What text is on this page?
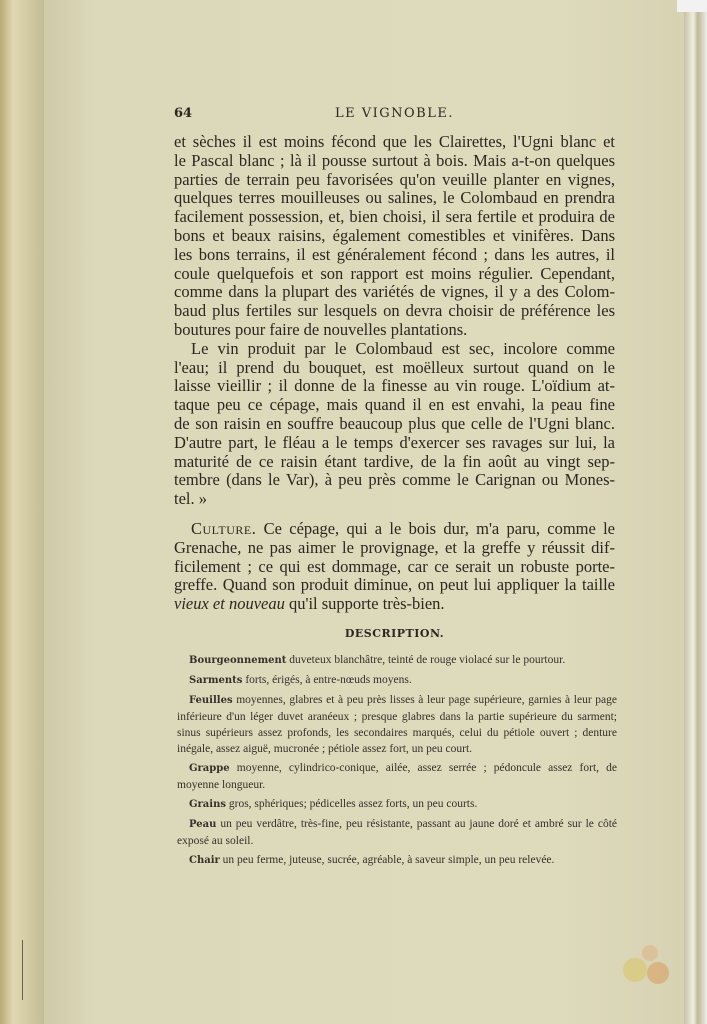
64	LE VIGNOBLE.
et sèches il est moins fécond que les Clairettes, l'Ugni blanc et
le Pascal blanc ; là il pousse surtout à bois. Mais a-t-on quelques
parties de terrain peu favorisées qu'on veuille planter en vignes,
quelques terres mouilleuses ou salines, le Colombaud en prendra
facilement possession, et, bien choisi, il sera fertile et produira de
bons et beaux raisins, également comestibles et vinifères. Dans
les bons terrains, il est généralement fécond ; dans les autres, il
coule quelquefois et son rapport est moins régulier. Cependant,
comme dans la plupart des variétés de vignes, il y a des Colom-
baud plus fertiles sur lesquels on devra choisir de préférence les
boutures pour faire de nouvelles plantations.
Le vin produit par le Colombaud est sec, incolore comme
l'eau; il prend du bouquet, est moëlleux surtout quand on le
laisse vieillir ; il donne de la finesse au vin rouge. L'oïdium at-
taque peu ce cépage, mais quand il en est envahi, la peau fine
de son raisin en souffre beaucoup plus que celle de l'Ugni blanc.
D'autre part, le fléau a le temps d'exercer ses ravages sur lui, la
maturité de ce raisin étant tardive, de la fin août au vingt sep-
tembre (dans le Var), à peu près comme le Carignan ou Mones-
tel. »
Culture. Ce cépage, qui a le bois dur, m'a paru, comme le
Grenache, ne pas aimer le provignage, et la greffe y réussit dif-
ficilement ; ce qui est dommage, car ce serait un robuste porte-
greffe. Quand son produit diminue, on peut lui appliquer la taille
vieux et nouveau qu'il supporte très-bien.
DESCRIPTION.
Bourgeonnement duveteux blanchâtre, teinté de rouge violacé sur le pourtour.
Sarments forts, érigés, à entre-nœuds moyens.
Feuilles moyennes, glabres et à peu près lisses à leur page supérieure, garnies à leur page inférieure d'un léger duvet aranéeux ; presque glabres dans la partie supérieure du sarment; sinus supérieurs assez profonds, les secondaires marqués, celui du pétiole ouvert ; denture inégale, assez aiguë, mucronée ; pétiole assez fort, un peu court.
Grappe moyenne, cylindrico-conique, ailée, assez serrée ; pédoncule assez fort, de moyenne longueur.
Grains gros, sphériques; pédicelles assez forts, un peu courts.
Peau un peu verdâtre, très-fine, peu résistante, passant au jaune doré et ambré sur le côté exposé au soleil.
Chair un peu ferme, juteuse, sucrée, agréable, à saveur simple, un peu relevée.
